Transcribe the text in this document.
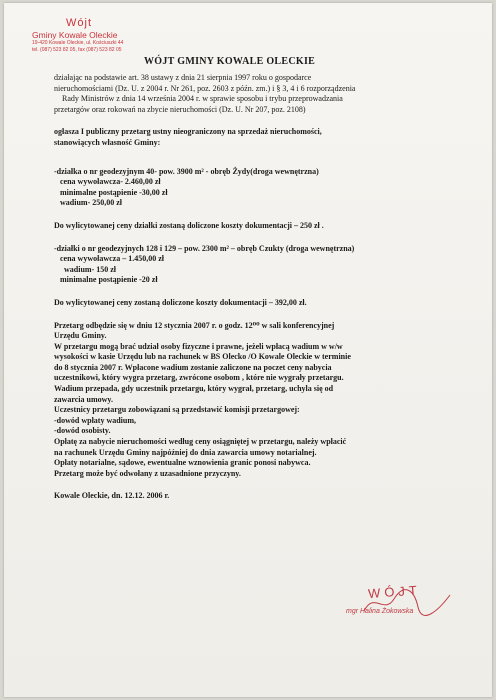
Wójt
Gminy Kowale Oleckie
19-420 Kowale Oleckie, ul. Kościuszki 44
tel. (087) 523 82 05, fax (087) 523 82 05
WÓJT GMINY KOWALE OLECKIE

działając na podstawie art. 38 ustawy z dnia 21 sierpnia 1997 roku o gospodarce

nieruchomościami (Dz. U. z 2004 r. Nr 261, poz. 2603 z późn. zm.) i § 3, 4 i 6 rozporządzenia

Rady Ministrów z dnia 14 września 2004 r. w sprawie sposobu i trybu przeprowadzania

przetargów oraz rokowań na zbycie nieruchomości (Dz. U. Nr 207, poz. 2108)

ogłasza I publiczny przetarg ustny nieograniczony na sprzedaż nieruchomości,

stanowiących własność Gminy:

-działka o nr geodezyjnym 40- pow. 3900 m² - obręb Żydy(droga wewnętrzna)

cena wywoławcza- 2.460,00 zł

minimalne postąpienie -30,00 zł

wadium- 250,00 zł

Do wylicytowanej ceny działki zostaną doliczone koszty dokumentacji – 250 zł .

-działki o nr geodezyjnych 128 i 129 – pow. 2300 m² – obręb Czukty (droga wewnętrzna)

cena wywoławcza – 1.450,00 zł

wadium- 150 zł

minimalne postąpienie -20 zł

Do wylicytowanej ceny zostaną doliczone koszty dokumentacji – 392,00 zł.

Przetarg odbędzie się w dniu 12 stycznia 2007 r. o godz. 12⁰⁰ w sali konferencyjnej

Urzędu Gminy.

W przetargu mogą brać udział osoby fizyczne i prawne, jeżeli wpłacą wadium w w/w

wysokości w kasie Urzędu lub na rachunek w BS Olecko /O Kowale Oleckie w terminie

do 8 stycznia 2007 r. Wpłacone wadium zostanie zaliczone na poczet ceny nabycia

uczestnikowi, który wygra przetarg, zwrócone osobom , które nie wygrały przetargu.

Wadium przepada, gdy uczestnik przetargu, który wygrał, przetarg, uchyla się od

zawarcia umowy.

Uczestnicy przetargu zobowiązani są przedstawić komisji przetargowej:

-dowód wpłaty wadium,

-dowód osobisty.

Opłatę za nabycie nieruchomości według ceny osiągniętej w przetargu, należy wpłacić

na rachunek Urzędu Gminy najpóźniej do dnia zawarcia umowy notarialnej.

Opłaty notarialne, sądowe, ewentualne wznowienia granic ponosi nabywca.

Przetarg może być odwołany z uzasadnione przyczyny.

Kowale Oleckie, dn. 12.12. 2006 r.

WÓJT
mgr Halina Żokowska
